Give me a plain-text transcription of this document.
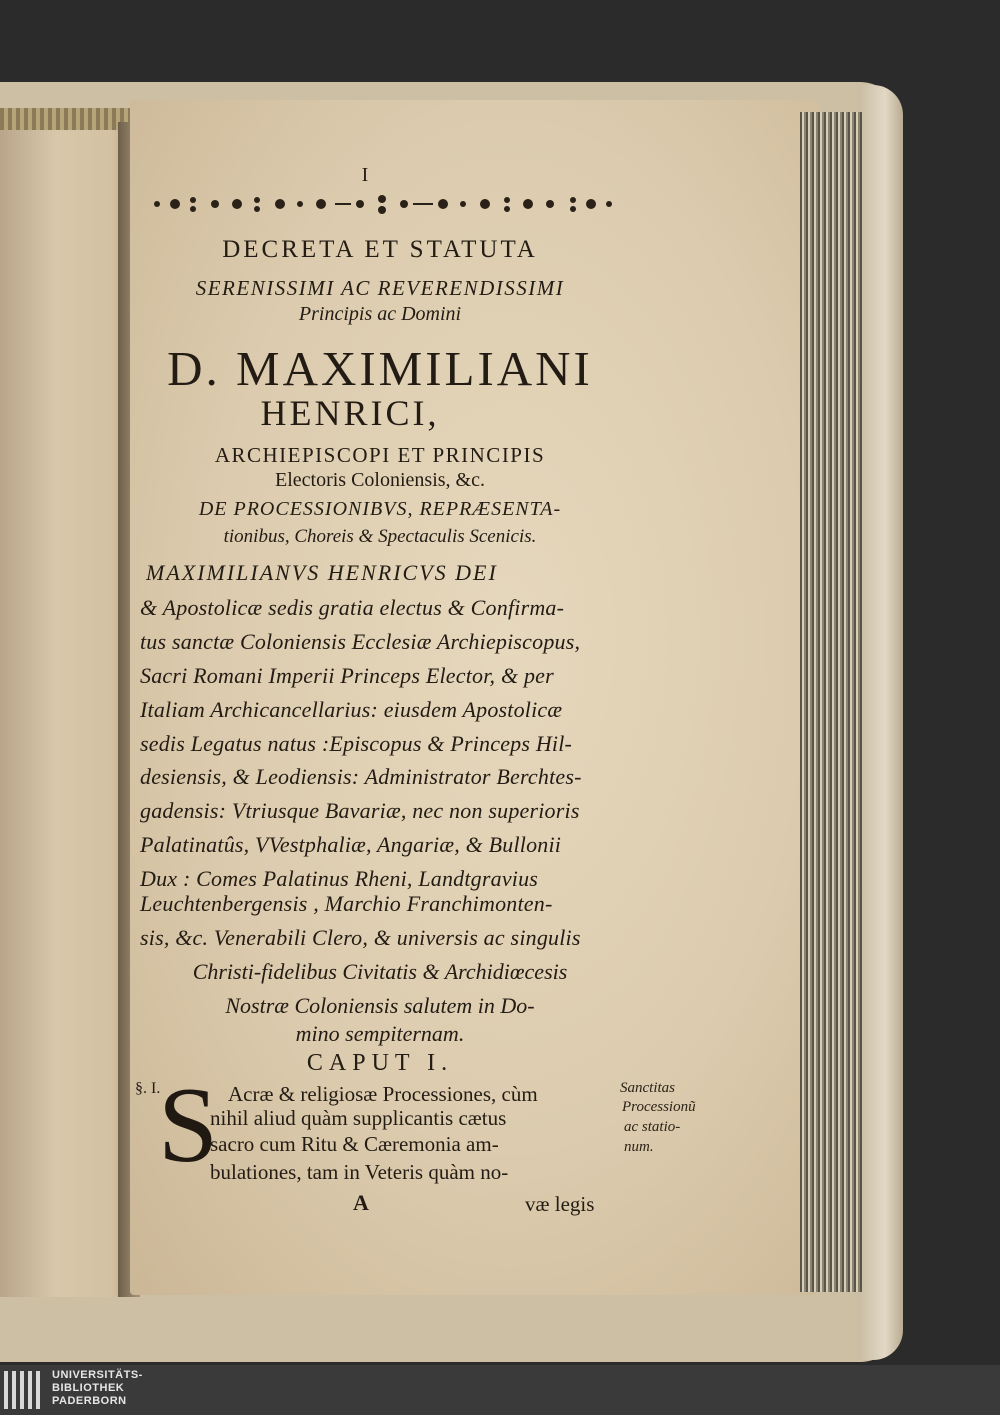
I
DECRETA ET STATUTA
SERENISSIMI AC REVERENDISSIMI
Principis ac Domini
D. MAXIMILIANI
HENRICI,
ARCHIEPISCOPI ET PRINCIPIS
Electoris Coloniensis, &c.
DE PROCESSIONIBVS, REPRÆSENTA-
tionibus, Choreis & Spectaculis Scenicis.
MAXIMILIANVS HENRICVS DEI
& Apostolicæ sedis gratia electus & Confirma-
tus sanctæ Coloniensis Ecclesiæ Archiepiscopus,
Sacri Romani Imperii Princeps Elector, & per
Italiam Archicancellarius: eiusdem Apostolicæ
sedis Legatus natus :Episcopus & Princeps Hil-
desiensis, & Leodiensis: Administrator Berchtes-
gadensis: Vtriusque Bavariæ, nec non superioris
Palatinatûs, VVestphaliæ, Angariæ, & Bullonii
Dux : Comes Palatinus Rheni, Landtgravius
Leuchtenbergensis , Marchio Franchimonten-
sis, &c. Venerabili Clero, & universis ac singulis
Christi-fidelibus Civitatis & Archidiœcesis
Nostræ Coloniensis salutem in Do-
mino sempiternam.
CAPUT I.
§. I.
S Acræ & religiosæ Processiones, cùm
nihil aliud quàm supplicantis cætus
sacro cum Ritu & Cæremonia am-
bulationes, tam in Veteris quàm no-
A	væ legis
Sanctitas
Processionũ
ac statio-
num.
UNIVERSITÄTS-
BIBLIOTHEK
PADERBORN
